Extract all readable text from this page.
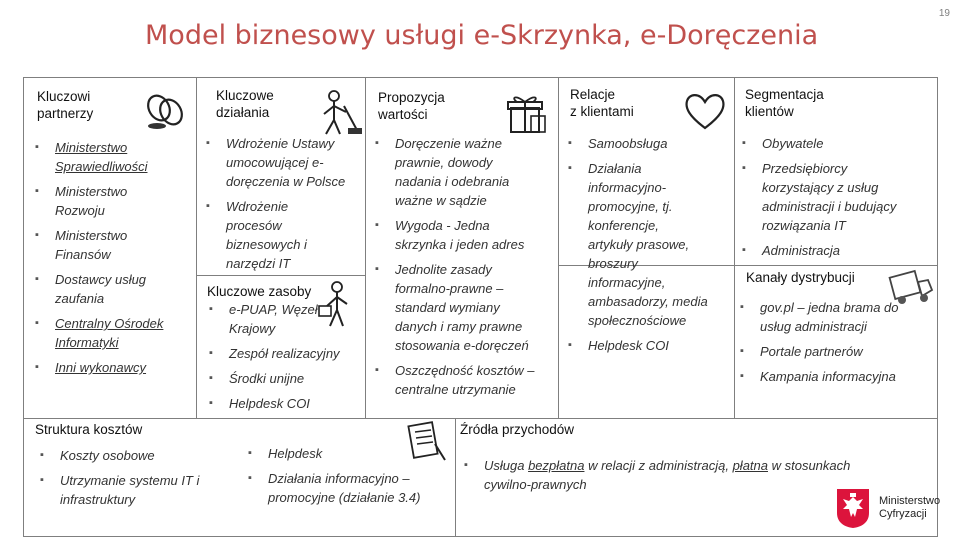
19
Model biznesowy usługi e-Skrzynka, e-Doręczenia
Kluczowi
partnerzy
▪ Ministerstwo
Sprawiedliwości
▪ Ministerstwo
Rozwoju
▪ Ministerstwo
Finansów
▪ Dostawcy usług
zaufania
▪ Centralny Ośrodek
Informatyki
▪ Inni wykonawcy
Kluczowe
działania
▪ Wdrożenie Ustawy
umocowującej e-
doręczenia w Polsce
▪ Wdrożenie
procesów
biznesowych i
narzędzi IT
Kluczowe zasoby
▪ e-PUAP, Węzeł
Krajowy
▪ Zespół realizacyjny
▪ Środki unijne
▪ Helpdesk COI
Propozycja
wartości
▪ Doręczenie ważne
prawnie, dowody
nadania i odebrania
ważne w sądzie
▪ Wygoda - Jedna
skrzynka i jeden adres
▪ Jednolite zasady
formalno-prawne –
standard wymiany
danych i ramy prawne
stosowania e-doręczeń
▪ Oszczędność kosztów –
centralne utrzymanie
Relacje
z klientami
▪ Samoobsługa
▪ Działania
informacyjno-
promocyjne, tj.
konferencje,
artykuły prasowe,
broszury
informacyjne,
ambasadorzy, media
społecznościowe
▪ Helpdesk COI
Segmentacja
klientów
▪ Obywatele
▪ Przedsiębiorcy
korzystający z usług
administracji i budujący
rozwiązania IT
▪ Administracja
Kanały dystrybucji
▪ gov.pl – jedna brama do
usług administracji
▪ Portale partnerów
▪ Kampania informacyjna
Struktura kosztów
▪ Koszty osobowe
▪ Utrzymanie systemu IT i
infrastruktury
▪ Helpdesk
▪ Działania informacyjno –
promocyjne (działanie 3.4)
Źródła przychodów
▪ Usługa bezpłatna w relacji z administracją, płatna w stosunkach
cywilno-prawnych
Ministerstwo
Cyfryzacji
